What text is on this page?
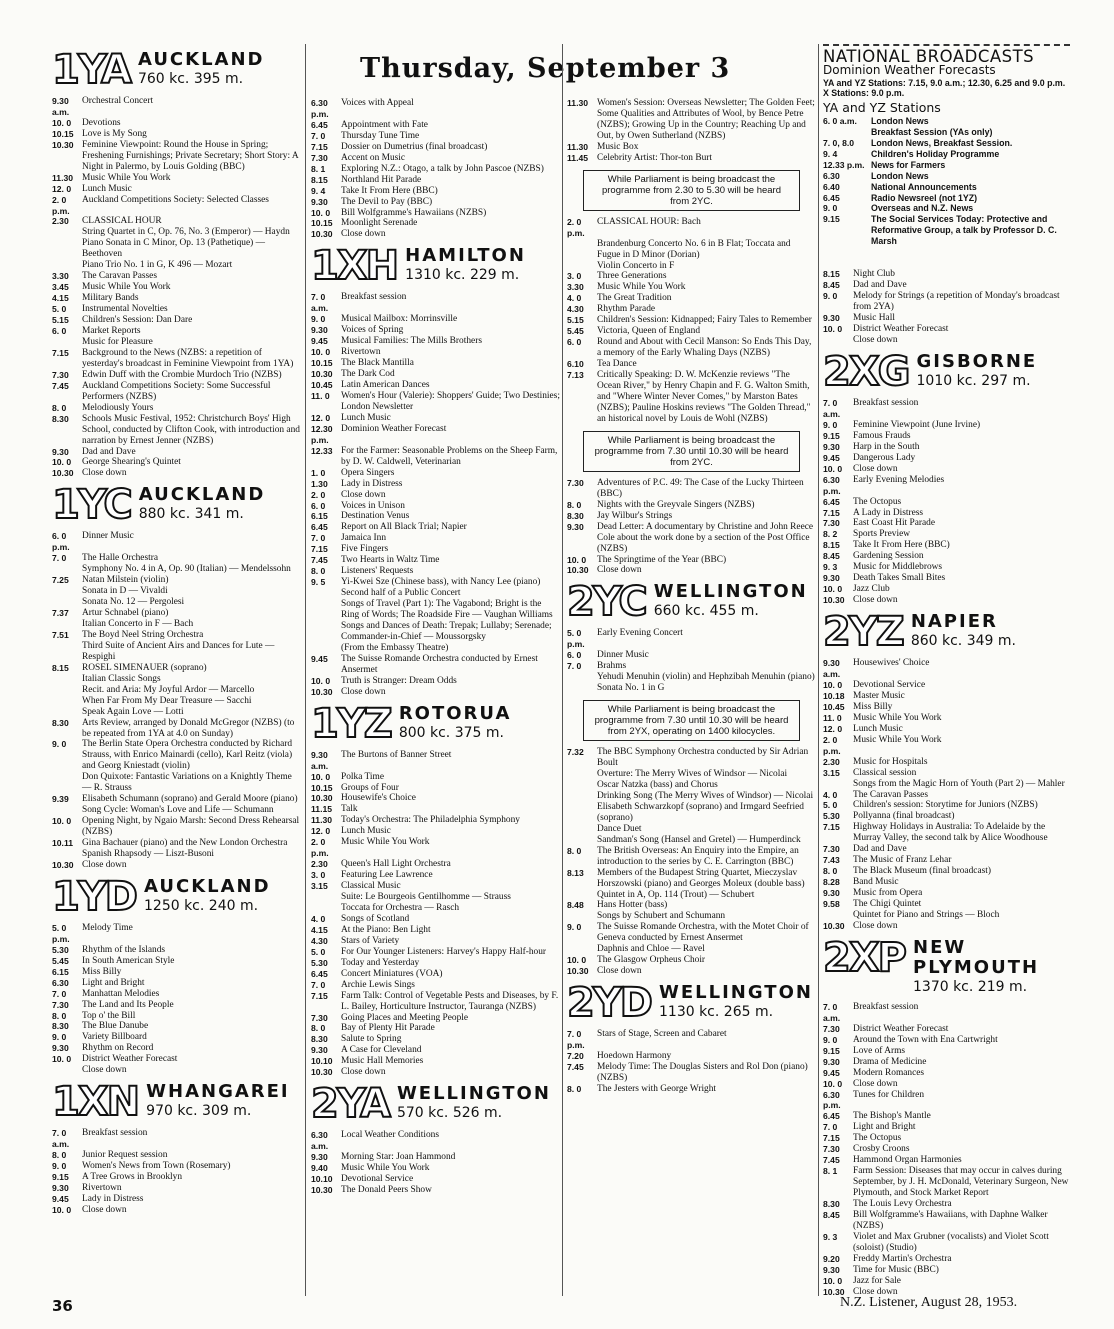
Thursday, September 3
1YA AUCKLAND
760 kc. 395 m.
9.30 a.m.
Orchestral Concert
10. 0	Devotions
10.15 Love is My Song
10.30 Feminine Viewpoint: Round the House in Spring; Freshening Furnishings; Private Secretary; Short Story: A Night in Palermo, by Louis Golding (BBC)
11.30 Music While You Work
12. 0	Lunch Music
2. 0 p.m.
Auckland Competitions Society: Selected Classes
2.30	CLASSICAL HOUR
String Quartet in C, Op. 76, No. 3 (Emperor) — Haydn
Piano Sonata in C Minor, Op. 13 (Pathetique) — Beethoven
Piano Trio No. 1 in G, K 496 — Mozart
3.30	The Caravan Passes
3.45	Music While You Work
4.15	Military Bands
5. 0	Instrumental Novelties
5.15	Children's Session: Dan Dare
6. 0	Market Reports
Music for Pleasure
7.15	Background to the News (NZBS: a repetition of yesterday's broadcast in Feminine Viewpoint from 1YA)
7.30	Edwin Duff with the Crombie Murdoch Trio (NZBS)
7.45	Auckland Competitions Society: Some Successful Performers (NZBS)
8. 0	Melodiously Yours
8.30	Schools Music Festival, 1952: Christchurch Boys' High School, conducted by Clifton Cook, with introduction and narration by Ernest Jenner (NZBS)
9.30	Dad and Dave
10. 0	George Shearing's Quintet
10.30 Close down
1YC AUCKLAND
880 kc. 341 m.
6. 0 p.m.
Dinner Music
7. 0	The Halle Orchestra
Symphony No. 4 in A, Op. 90 (Italian) — Mendelssohn
7.25	Natan Milstein (violin)
Sonata in D — Vivaldi
Sonata No. 12 — Pergolesi
7.37	Artur Schnabel (piano)
Italian Concerto in F — Bach
7.51	The Boyd Neel String Orchestra
Third Suite of Ancient Airs and Dances for Lute — Respighi
8.15	ROSEL SIMENAUER (soprano)
Italian Classic Songs
Recit. and Aria: My Joyful Ardor — Marcello
When Far From My Dear Treasure — Sacchi
Speak Again Love — Lotti
8.30	Arts Review, arranged by Donald McGregor (NZBS) (to be repeated from 1YA at 4.0 on Sunday)
9. 0	The Berlin State Opera Orchestra conducted by Richard Strauss, with Enrico Mainardi (cello), Karl Reitz (viola) and Georg Kniestadt (violin)
Don Quixote: Fantastic Variations on a Knightly Theme — R. Strauss
9.39	Elisabeth Schumann (soprano) and Gerald Moore (piano)
Song Cycle: Woman's Love and Life — Schumann
10. 0	Opening Night, by Ngaio Marsh: Second Dress Rehearsal (NZBS)
10.11 Gina Bachauer (piano) and the New London Orchestra
Spanish Rhapsody — Liszt-Busoni
10.30 Close down
1YD AUCKLAND
1250 kc. 240 m.
5. 0 p.m.
Melody Time
5.30	Rhythm of the Islands
5.45	In South American Style
6.15	Miss Billy
6.30	Light and Bright
7. 0	Manhattan Melodies
7.30	The Land and Its People
8. 0	Top o' the Bill
8.30	The Blue Danube
9. 0	Variety Billboard
9.30	Rhythm on Record
10. 0	District Weather Forecast
Close down
1XN WHANGAREI
970 kc. 309 m.
7. 0 a.m.
Breakfast session
8. 0	Junior Request session
9. 0	Women's News from Town (Rosemary)
9.15	A Tree Grows in Brooklyn
9.30	Rivertown
9.45	Lady in Distress
10. 0	Close down
6.30 p.m.
Voices with Appeal
6.45	Appointment with Fate
7. 0	Thursday Tune Time
7.15	Dossier on Dumetrius (final broadcast)
7.30	Accent on Music
8. 1	Exploring N.Z.: Otago, a talk by John Pascoe (NZBS)
8.15	Northland Hit Parade
9. 4	Take It From Here (BBC)
9.30	The Devil to Pay (BBC)
10. 0	Bill Wolfgramme's Hawaiians (NZBS)
10.15 Moonlight Serenade
10.30 Close down
1XH HAMILTON
1310 kc. 229 m.
7. 0 a.m.
Breakfast session
9. 0	Musical Mailbox: Morrinsville
9.30	Voices of Spring
9.45	Musical Families: The Mills Brothers
10. 0	Rivertown
10.15 The Black Mantilla
10.30 The Dark Cod
10.45 Latin American Dances
11. 0	Women's Hour (Valerie): Shoppers' Guide; Two Destinies; London Newsletter
12. 0	Lunch Music
12.30 p.m.
Dominion Weather Forecast
12.33 For the Farmer: Seasonable Problems on the Sheep Farm, by D. W. Caldwell, Veterinarian
1. 0	Opera Singers
1.30	Lady in Distress
2. 0	Close down
6. 0	Voices in Unison
6.15	Destination Venus
6.45	Report on All Black Trial; Napier
7. 0	Jamaica Inn
7.15	Five Fingers
7.45	Two Hearts in Waltz Time
8. 0	Listeners' Requests
9. 5	Yi-Kwei Sze (Chinese bass), with Nancy Lee (piano)
Second half of a Public Concert
Songs of Travel (Part 1): The Vagabond; Bright is the Ring of Words; The Roadside Fire — Vaughan Williams
Songs and Dances of Death: Trepak; Lullaby; Serenade; Commander-in-Chief — Moussorgsky
(From the Embassy Theatre)
9.45	The Suisse Romande Orchestra conducted by Ernest Ansermet
10. 0	Truth is Stranger: Dream Odds
10.30 Close down
1YZ ROTORUA
800 kc. 375 m.
9.30 a.m.
The Burtons of Banner Street
10. 0	Polka Time
10.15 Groups of Four
10.30 Housewife's Choice
11.15 Talk
11.30 Today's Orchestra: The Philadelphia Symphony
12. 0	Lunch Music
2. 0 p.m.
Music While You Work
2.30	Queen's Hall Light Orchestra
3. 0	Featuring Lee Lawrence
3.15	Classical Music
Suite: Le Bourgeois Gentilhomme — Strauss
Toccata for Orchestra — Rasch
4. 0	Songs of Scotland
4.15	At the Piano: Ben Light
4.30	Stars of Variety
5. 0	For Our Younger Listeners: Harvey's Happy Half-hour
5.30	Today and Yesterday
6.45	Concert Miniatures (VOA)
7. 0	Archie Lewis Sings
7.15	Farm Talk: Control of Vegetable Pests and Diseases, by F. L. Bailey, Horticulture Instructor, Tauranga (NZBS)
7.30	Going Places and Meeting People
8. 0	Bay of Plenty Hit Parade
8.30	Salute to Spring
9.30	A Case for Cleveland
10.10 Music Hall Memories
10.30 Close down
2YA WELLINGTON
570 kc. 526 m.
6.30 a.m.
Local Weather Conditions
9.30	Morning Star: Joan Hammond
9.40	Music While You Work
10.10 Devotional Service
10.30 The Donald Peers Show
11.30 Women's Session: Overseas Newsletter; The Golden Feet; Some Qualities and Attributes of Wool, by Bence Petre (NZBS); Growing Up in the Country; Reaching Up and Out, by Owen Sutherland (NZBS)
11.30 Music Box
11.45 Celebrity Artist: Thor-ton Burt
While Parliament is being broadcast the programme from 2.30 to 5.30 will be heard from 2YC.
2. 0 p.m.
CLASSICAL HOUR: Bach
Brandenburg Concerto No. 6 in B Flat; Toccata and Fugue in D Minor (Dorian)
Violin Concerto in F
3. 0	Three Generations
3.30	Music While You Work
4. 0	The Great Tradition
4.30	Rhythm Parade
5.15	Children's Session: Kidnapped; Fairy Tales to Remember
5.45	Victoria, Queen of England
6. 0	Round and About with Cecil Manson: So Ends This Day, a memory of the Early Whaling Days (NZBS)
6.10	Tea Dance
7.13	Critically Speaking: D. W. McKenzie reviews "The Ocean River," by Henry Chapin and F. G. Walton Smith, and "Where Winter Never Comes," by Marston Bates (NZBS); Pauline Hoskins reviews "The Golden Thread," an historical novel by Louis de Wohl (NZBS)
While Parliament is being broadcast the programme from 7.30 until 10.30 will be heard from 2YC.
7.30	Adventures of P.C. 49: The Case of the Lucky Thirteen (BBC)
8. 0	Nights with the Greyvale Singers (NZBS)
8.30	Jay Wilbur's Strings
9.30	Dead Letter: A documentary by Christine and John Reece Cole about the work done by a section of the Post Office (NZBS)
10. 0	The Springtime of the Year (BBC)
10.30 Close down
2YC WELLINGTON
660 kc. 455 m.
5. 0 p.m.
Early Evening Concert
6. 0	Dinner Music
7. 0	Brahms
Yehudi Menuhin (violin) and Hephzibah Menuhin (piano)
Sonata No. 1 in G
While Parliament is being broadcast the programme from 7.30 until 10.30 will be heard from 2YX, operating on 1400 kilocycles.
7.32	The BBC Symphony Orchestra conducted by Sir Adrian Boult
Overture: The Merry Wives of Windsor — Nicolai
Oscar Natzka (bass) and Chorus
Drinking Song (The Merry Wives of Windsor) — Nicolai
Elisabeth Schwarzkopf (soprano) and Irmgard Seefried (soprano)
Dance Duet
Sandman's Song (Hansel and Gretel) — Humperdinck
8. 0	The British Overseas: An Enquiry into the Empire, an introduction to the series by C. E. Carrington (BBC)
8.13	Members of the Budapest String Quartet, Mieczyslav Horszowski (piano) and Georges Moleux (double bass)
Quintet in A, Op. 114 (Trout) — Schubert
8.48	Hans Hotter (bass)
Songs by Schubert and Schumann
9. 0	The Suisse Romande Orchestra, with the Motet Choir of Geneva conducted by Ernest Ansermet
Daphnis and Chloe — Ravel
10. 0	The Glasgow Orpheus Choir
10.30 Close down
2YD WELLINGTON
1130 kc. 265 m.
7. 0 p.m.
Stars of Stage, Screen and Cabaret
7.20	Hoedown Harmony
7.45	Melody Time: The Douglas Sisters and Rol Don (piano) (NZBS)
8. 0	The Jesters with George Wright
NATIONAL BROADCASTS
Dominion Weather Forecasts
YA and YZ Stations: 7.15, 9.0 a.m.; 12.30, 6.25 and 9.0 p.m.
X Stations: 9.0 p.m.
YA and YZ Stations
6. 0 a.m.	London News
Breakfast Session (YAs only)
7. 0, 8.0	London News, Breakfast Session.
9. 4	Children's Holiday Programme
12.33 p.m. News for Farmers
6.30	London News
6.40	National Announcements
6.45	Radio Newsreel (not 1YZ)
9. 0	Overseas and N.Z. News
9.15	The Social Services Today: Protective and Reformative Group, a talk by Professor D. C. Marsh
8.15	Night Club
8.45	Dad and Dave
9. 0	Melody for Strings (a repetition of Monday's broadcast from 2YA)
9.30	Music Hall
10. 0	District Weather Forecast
Close down
2XG GISBORNE
1010 kc. 297 m.
7. 0 a.m.
Breakfast session
9. 0	Feminine Viewpoint (June Irvine)
9.15	Famous Frauds
9.30	Harp in the South
9.45	Dangerous Lady
10. 0	Close down
6.30 p.m.
Early Evening Melodies
6.45	The Octopus
7.15	A Lady in Distress
7.30	East Coast Hit Parade
8. 2	Sports Preview
8.15	Take It From Here (BBC)
8.45	Gardening Session
9. 3	Music for Middlebrows
9.30	Death Takes Small Bites
10. 0	Jazz Club
10.30 Close down
2YZ NAPIER
860 kc. 349 m.
9.30 a.m.
Housewives' Choice
10. 0	Devotional Service
10.18 Master Music
10.45 Miss Billy
11. 0	Music While You Work
12. 0	Lunch Music
2. 0 p.m.
Music While You Work
2.30	Music for Hospitals
3.15	Classical session
Songs from the Magic Horn of Youth (Part 2) — Mahler
4. 0	The Caravan Passes
5. 0	Children's session: Storytime for Juniors (NZBS)
5.30	Pollyanna (final broadcast)
7.15	Highway Holidays in Australia: To Adelaide by the Murray Valley, the second talk by Alice Woodhouse
7.30	Dad and Dave
7.43	The Music of Franz Lehar
8. 0	The Black Museum (final broadcast)
8.28	Band Music
9.30	Music from Opera
9.58	The Chigi Quintet
Quintet for Piano and Strings — Bloch
10.30 Close down
2XP NEW PLYMOUTH
1370 kc. 219 m.
7. 0 a.m.
Breakfast session
7.30	District Weather Forecast
9. 0	Around the Town with Ena Cartwright
9.15	Love of Arms
9.30	Drama of Medicine
9.45	Modern Romances
10. 0	Close down
6.30 p.m.
Tunes for Children
6.45	The Bishop's Mantle
7. 0	Light and Bright
7.15	The Octopus
7.30	Crosby Croons
7.45	Hammond Organ Harmonies
8. 1	Farm Session: Diseases that may occur in calves during September, by J. H. McDonald, Veterinary Surgeon, New Plymouth, and Stock Market Report
8.30	The Louis Levy Orchestra
8.45	Bill Wolfgramme's Hawaiians, with Daphne Walker (NZBS)
9. 3	Violet and Max Grubner (vocalists) and Violet Scott (soloist) (Studio)
9.20	Freddy Martin's Orchestra
9.30	Time for Music (BBC)
10. 0	Jazz for Sale
10.30 Close down
36	N.Z. Listener, August 28, 1953.
